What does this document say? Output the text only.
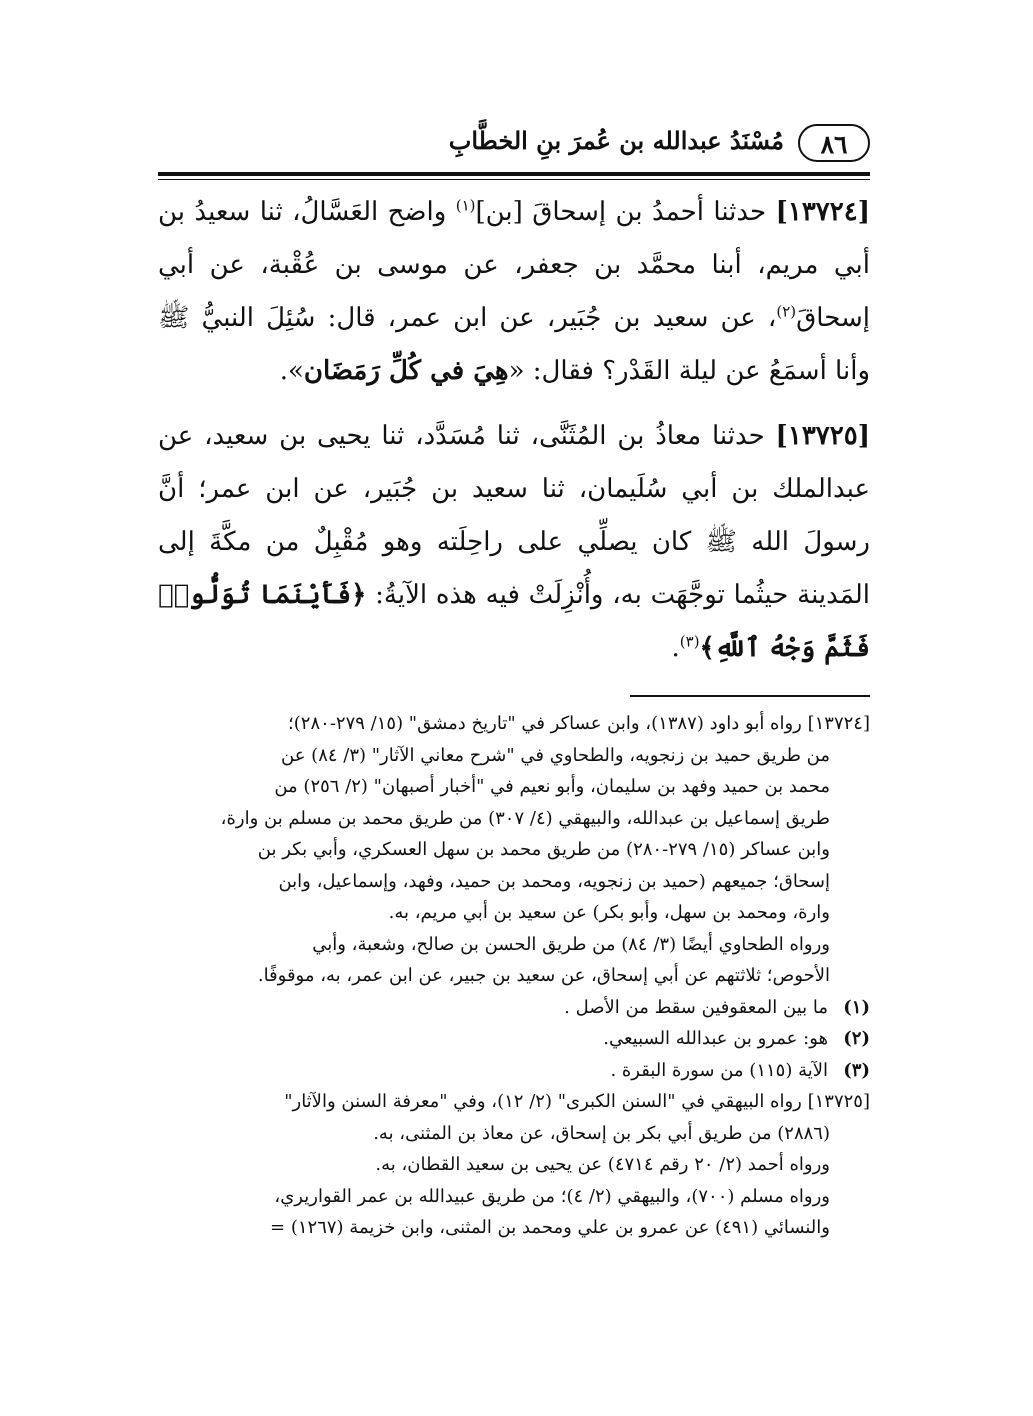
٨٦
مُسْنَدُ عبدالله بن عُمرَ بنِ الخطَّابِ

[١٣٧٢٤] حدثنا أحمدُ بن إسحاقَ [بن]$^{(١)}$ واضح العَسَّالُ، ثنا سعيدُ بن أبي مريم، أبنا محمَّد بن جعفر، عن موسى بن عُقْبة، عن أبي إسحاقَ$^{(٢)}$، عن سعيد بن جُبَير، عن ابن عمر، قال: سُئِلَ النبيُّ ﷺ وأنا أسمَعُ عن ليلة القَدْر؟ فقال: «هِيَ في كُلِّ رَمَضَان».

[١٣٧٢٥] حدثنا معاذُ بن المُثَنَّى، ثنا مُسَدَّد، ثنا يحيى بن سعيد، عن عبدالملك بن أبي سُلَيمان، ثنا سعيد بن جُبَير، عن ابن عمر؛ أنَّ رسولَ الله ﷺ كان يصلِّي على راحِلَته وهو مُقْبِلٌ من مكَّةَ إلى المَدينة حيثُما توجَّهَت به، وأُنْزِلَتْ فيه هذه الآيةُ: ﴿فَأَيْنَمَا تُوَلُّوا۟ فَثَمَّ وَجْهُ ٱللَّهِ﴾$^{(٣)}$.

[١٣٧٢٤] رواه أبو داود (١٣٨٧)، وابن عساكر في "تاريخ دمشق" (١٥/ ٢٧٩-٢٨٠)؛

من طريق حميد بن زنجويه، والطحاوي في "شرح معاني الآثار" (٣/ ٨٤) عن

محمد بن حميد وفهد بن سليمان، وأبو نعيم في "أخبار أصبهان" (٢/ ٢٥٦) من

طريق إسماعيل بن عبدالله، والبيهقي (٤/ ٣٠٧) من طريق محمد بن مسلم بن وارة،

وابن عساكر (١٥/ ٢٧٩-٢٨٠) من طريق محمد بن سهل العسكري، وأبي بكر بن

إسحاق؛ جميعهم (حميد بن زنجويه، ومحمد بن حميد، وفهد، وإسماعيل، وابن

وارة، ومحمد بن سهل، وأبو بكر) عن سعيد بن أبي مريم، به.

ورواه الطحاوي أيضًا (٣/ ٨٤) من طريق الحسن بن صالح، وشعبة، وأبي

الأحوص؛ ثلاثتهم عن أبي إسحاق، عن سعيد بن جبير، عن ابن عمر، به، موقوفًا.

(١)ما بين المعقوفين سقط من الأصل .

(٢)هو: عمرو بن عبدالله السبيعي.

(٣)الآية (١١٥) من سورة البقرة .

[١٣٧٢٥] رواه البيهقي في "السنن الكبرى" (٢/ ١٢)، وفي "معرفة السنن والآثار"

(٢٨٨٦) من طريق أبي بكر بن إسحاق، عن معاذ بن المثنى، به.

ورواه أحمد (٢/ ٢٠ رقم ٤٧١٤) عن يحيى بن سعيد القطان، به.

ورواه مسلم (٧٠٠)، والبيهقي (٢/ ٤)؛ من طريق عبيدالله بن عمر القواريري،

والنسائي (٤٩١) عن عمرو بن علي ومحمد بن المثنى، وابن خزيمة (١٢٦٧) =
